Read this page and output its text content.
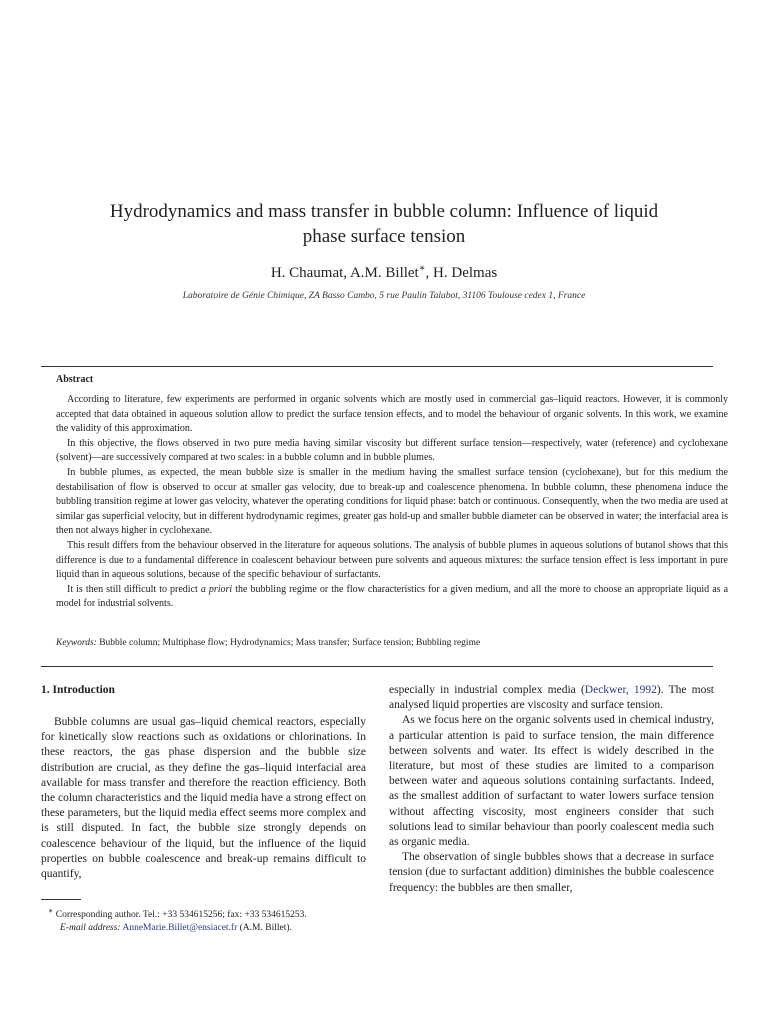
Hydrodynamics and mass transfer in bubble column: Influence of liquid
phase surface tension
H. Chaumat, A.M. Billet∗, H. Delmas
Laboratoire de Génie Chimique, ZA Basso Cambo, 5 rue Paulin Talabot, 31106 Toulouse cedex 1, France
Abstract

According to literature, few experiments are performed in organic solvents which are mostly used in commercial gas–liquid reactors. However, it is commonly accepted that data obtained in aqueous solution allow to predict the surface tension effects, and to model the behaviour of organic solvents. In this work, we examine the validity of this approximation.

In this objective, the flows observed in two pure media having similar viscosity but different surface tension—respectively, water (reference) and cyclohexane (solvent)—are successively compared at two scales: in a bubble column and in bubble plumes.

In bubble plumes, as expected, the mean bubble size is smaller in the medium having the smallest surface tension (cyclohexane), but for this medium the destabilisation of flow is observed to occur at smaller gas velocity, due to break-up and coalescence phenomena. In bubble column, these phenomena induce the bubbling transition regime at lower gas velocity, whatever the operating conditions for liquid phase: batch or continuous. Consequently, when the two media are used at similar gas superficial velocity, but in different hydrodynamic regimes, greater gas hold-up and smaller bubble diameter can be observed in water; the interfacial area is then not always higher in cyclohexane.

This result differs from the behaviour observed in the literature for aqueous solutions. The analysis of bubble plumes in aqueous solutions of butanol shows that this difference is due to a fundamental difference in coalescent behaviour between pure solvents and aqueous mixtures: the surface tension effect is less important in pure liquid than in aqueous solutions, because of the specific behaviour of surfactants.

It is then still difficult to predict a priori the bubbling regime or the flow characteristics for a given medium, and all the more to choose an appropriate liquid as a model for industrial solvents.

Keywords: Bubble column; Multiphase flow; Hydrodynamics; Mass transfer; Surface tension; Bubbling regime
1. Introduction

Bubble columns are usual gas–liquid chemical reactors, especially for kinetically slow reactions such as oxidations or chlorinations. In these reactors, the gas phase dispersion and the bubble size distribution are crucial, as they define the gas–liquid interfacial area available for mass transfer and therefore the reaction efficiency. Both the column characteristics and the liquid media have a strong effect on these parameters, but the liquid media effect seems more complex and is still disputed. In fact, the bubble size strongly depends on coalescence behaviour of the liquid, but the influence of the liquid properties on bubble coalescence and break-up remains difficult to quantify,

especially in industrial complex media (Deckwer, 1992). The most analysed liquid properties are viscosity and surface tension.

As we focus here on the organic solvents used in chemical industry, a particular attention is paid to surface tension, the main difference between solvents and water. Its effect is widely described in the literature, but most of these studies are limited to a comparison between water and aqueous solutions containing surfactants. Indeed, as the smallest addition of surfactant to water lowers surface tension without affecting viscosity, most engineers consider that such solutions lead to similar behaviour than poorly coalescent media such as organic media.

The observation of single bubbles shows that a decrease in surface tension (due to surfactant addition) diminishes the bubble coalescence frequency: the bubbles are then smaller,

∗ Corresponding author. Tel.: +33 534615256; fax: +33 534615253.
E-mail address: AnneMarie.Billet@ensiacet.fr (A.M. Billet).
